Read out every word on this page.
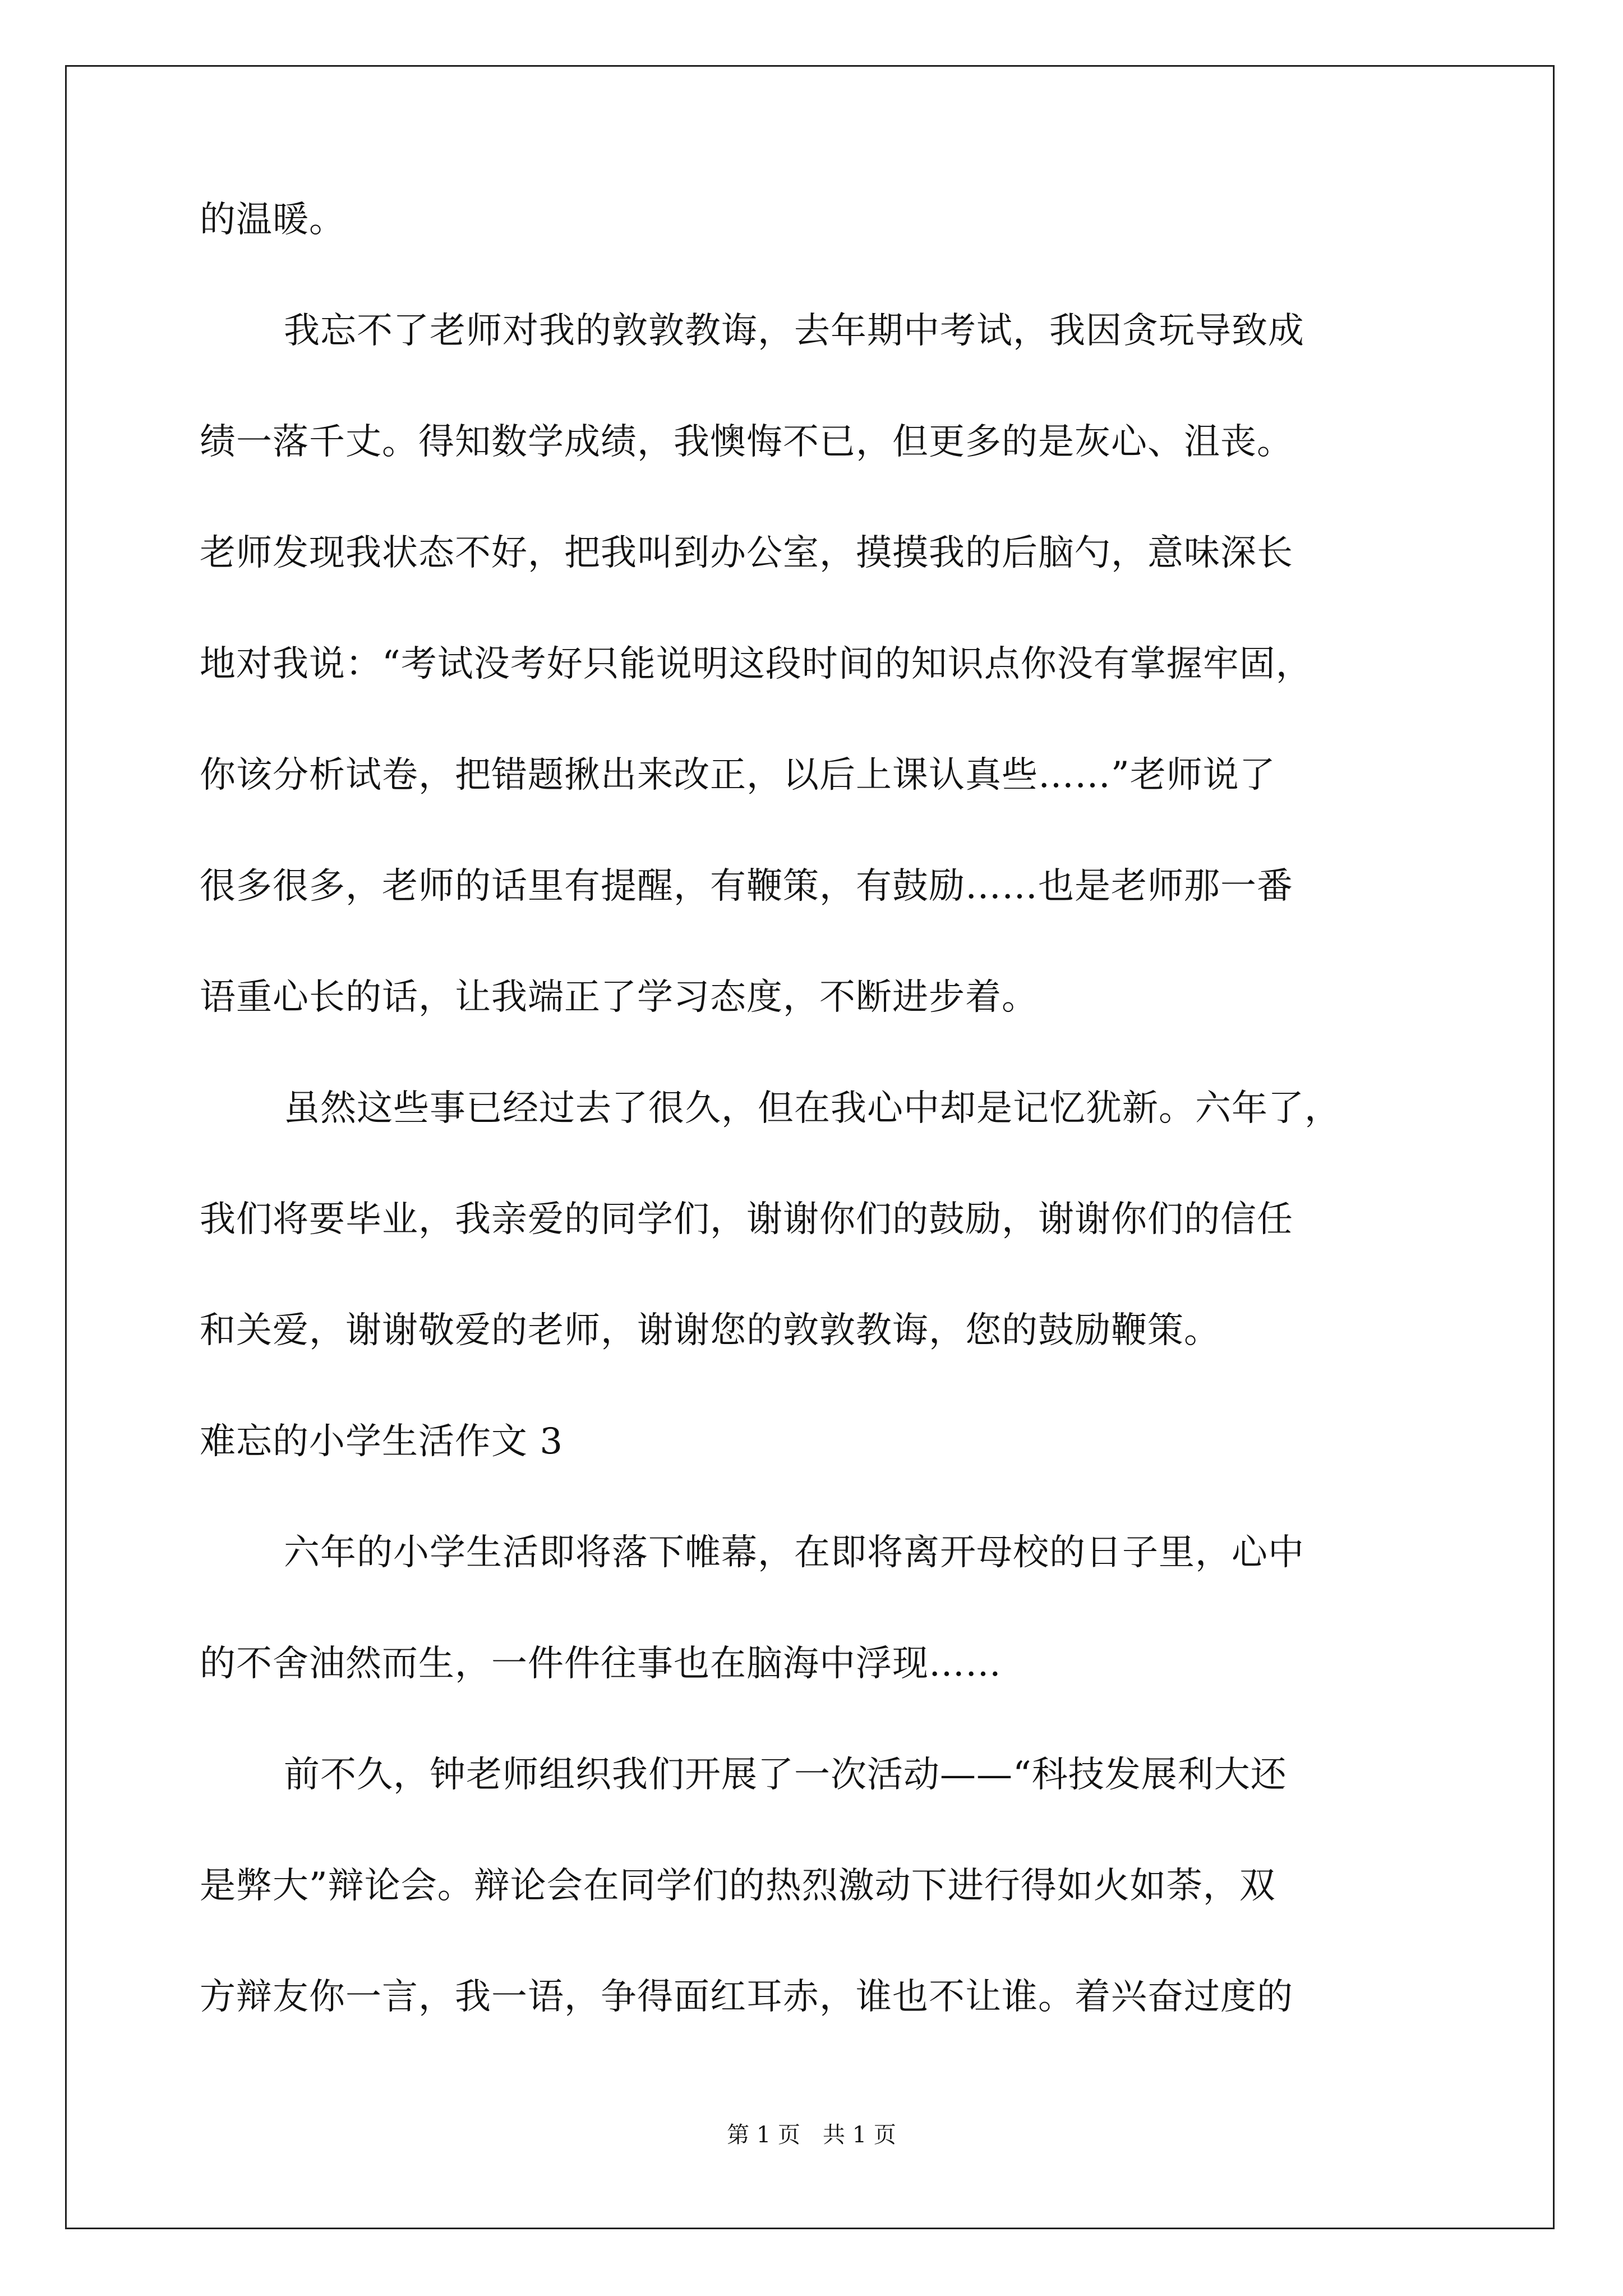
的温暖。
我忘不了老师对我的敦敦教诲，去年期中考试，我因贪玩导致成
绩一落千丈。得知数学成绩，我懊悔不已，但更多的是灰心、沮丧。
老师发现我状态不好，把我叫到办公室，摸摸我的后脑勺，意味深长
地对我说：“考试没考好只能说明这段时间的知识点你没有掌握牢固，
你该分析试卷，把错题揪出来改正，以后上课认真些……”老师说了
很多很多，老师的话里有提醒，有鞭策，有鼓励……也是老师那一番
语重心长的话，让我端正了学习态度，不断进步着。
虽然这些事已经过去了很久，但在我心中却是记忆犹新。六年了，
我们将要毕业，我亲爱的同学们，谢谢你们的鼓励，谢谢你们的信任
和关爱，谢谢敬爱的老师，谢谢您的敦敦教诲，您的鼓励鞭策。
难忘的小学生活作文 3
六年的小学生活即将落下帷幕，在即将离开母校的日子里，心中
的不舍油然而生，一件件往事也在脑海中浮现……
前不久，钟老师组织我们开展了一次活动——“科技发展利大还
是弊大”辩论会。辩论会在同学们的热烈激动下进行得如火如荼，双
方辩友你一言，我一语，争得面红耳赤，谁也不让谁。着兴奋过度的
第 1 页　共 1 页
